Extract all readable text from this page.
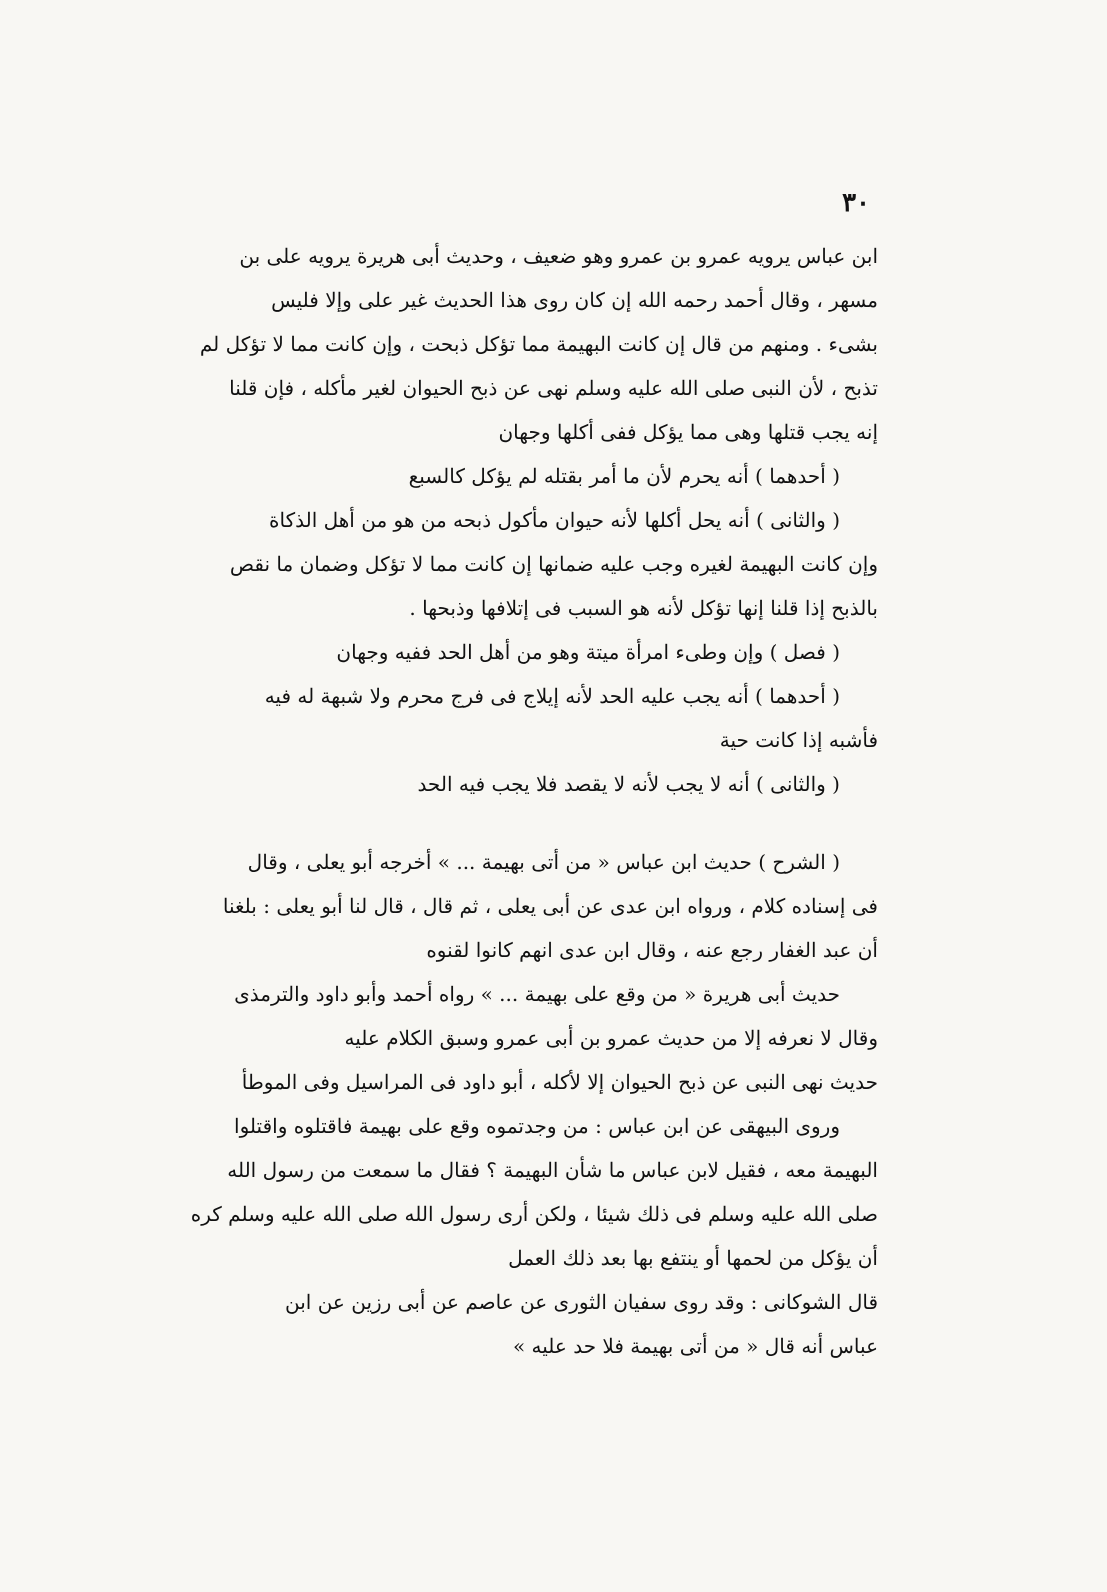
٣٠
ابن عباس يرويه عمرو بن عمرو وهو ضعيف ، وحديث أبى هريرة يرويه على بن
مسهر ، وقال أحمد رحمه الله إن كان روى هذا الحديث غير على وإلا فليس
بشىء . ومنهم من قال إن كانت البهيمة مما تؤكل ذبحت ، وإن كانت مما لا تؤكل لم
تذبح ، لأن النبى صلى الله عليه وسلم نهى عن ذبح الحيوان لغير مأكله ، فإن قلنا
إنه يجب قتلها وهى مما يؤكل ففى أكلها وجهان
( أحدهما ) أنه يحرم لأن ما أمر بقتله لم يؤكل كالسبع
( والثانى ) أنه يحل أكلها لأنه حيوان مأكول ذبحه من هو من أهل الذكاة
وإن كانت البهيمة لغيره وجب عليه ضمانها إن كانت مما لا تؤكل وضمان ما نقص
بالذبح إذا قلنا إنها تؤكل لأنه هو السبب فى إتلافها وذبحها .
( فصل ) وإن وطىء امرأة ميتة وهو من أهل الحد ففيه وجهان
( أحدهما ) أنه يجب عليه الحد لأنه إيلاج فى فرج محرم ولا شبهة له فيه
فأشبه إذا كانت حية
( والثانى ) أنه لا يجب لأنه لا يقصد فلا يجب فيه الحد
( الشرح ) حديث ابن عباس « من أتى بهيمة ... » أخرجه أبو يعلى ، وقال
فى إسناده كلام ، ورواه ابن عدى عن أبى يعلى ، ثم قال ، قال لنا أبو يعلى : بلغنا
أن عبد الغفار رجع عنه ، وقال ابن عدى انهم كانوا لقنوه
حديث أبى هريرة « من وقع على بهيمة ... » رواه أحمد وأبو داود والترمذى
وقال لا نعرفه إلا من حديث عمرو بن أبى عمرو وسبق الكلام عليه
حديث نهى النبى عن ذبح الحيوان إلا لأكله ، أبو داود فى المراسيل وفى الموطأ
وروى البيهقى عن ابن عباس : من وجدتموه وقع على بهيمة فاقتلوه واقتلوا
البهيمة معه ، فقيل لابن عباس ما شأن البهيمة ؟ فقال ما سمعت من رسول الله
صلى الله عليه وسلم فى ذلك شيئا ، ولكن أرى رسول الله صلى الله عليه وسلم كره
أن يؤكل من لحمها أو ينتفع بها بعد ذلك العمل
قال الشوكانى : وقد روى سفيان الثورى عن عاصم عن أبى رزين عن ابن
عباس أنه قال « من أتى بهيمة فلا حد عليه »
